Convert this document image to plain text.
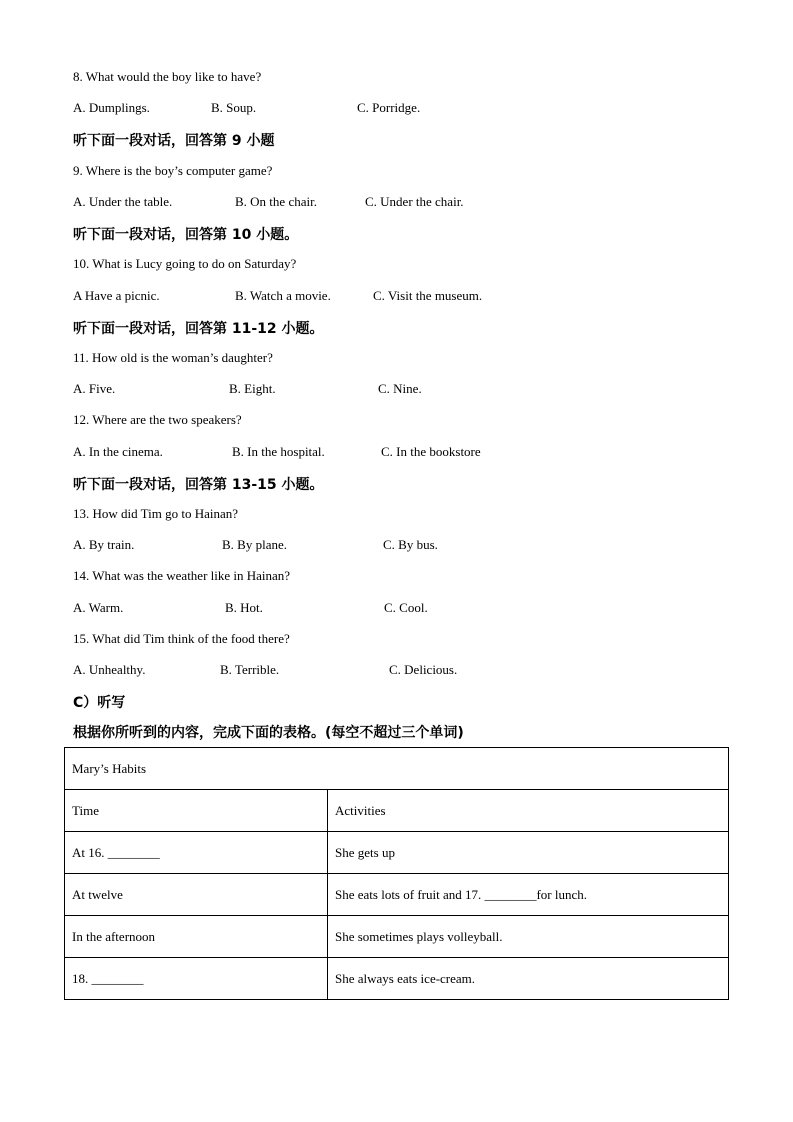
8. What would the boy like to have?
A. Dumplings.	B. Soup.	C. Porridge.
听下面一段对话，回答第 9 小题
9. Where is the boy’s computer game?
A. Under the table.	B. On the chair.	C. Under the chair.
听下面一段对话，回答第 10 小题。
10. What is Lucy going to do on Saturday?
A Have a picnic.	B. Watch a movie.	C. Visit the museum.
听下面一段对话，回答第 11-12 小题。
11. How old is the woman’s daughter?
A. Five.	B. Eight.	C. Nine.
12. Where are the two speakers?
A. In the cinema.	B. In the hospital.	C. In the bookstore
听下面一段对话，回答第 13-15 小题。
13. How did Tim go to Hainan?
A. By train.	B. By plane.	C. By bus.
14. What was the weather like in Hainan?
A. Warm.	B. Hot.	C. Cool.
15. What did Tim think of the food there?
A. Unhealthy.	B. Terrible.	C. Delicious.
C）听写
根据你所听到的内容，完成下面的表格。(每空不超过三个单词)
Mary’s Habits	
Time	Activities
At 16. ________	She gets up
At twelve	She eats lots of fruit and 17. ________for lunch.
In the afternoon	She sometimes plays volleyball.
18. ________	She always eats ice-cream.
